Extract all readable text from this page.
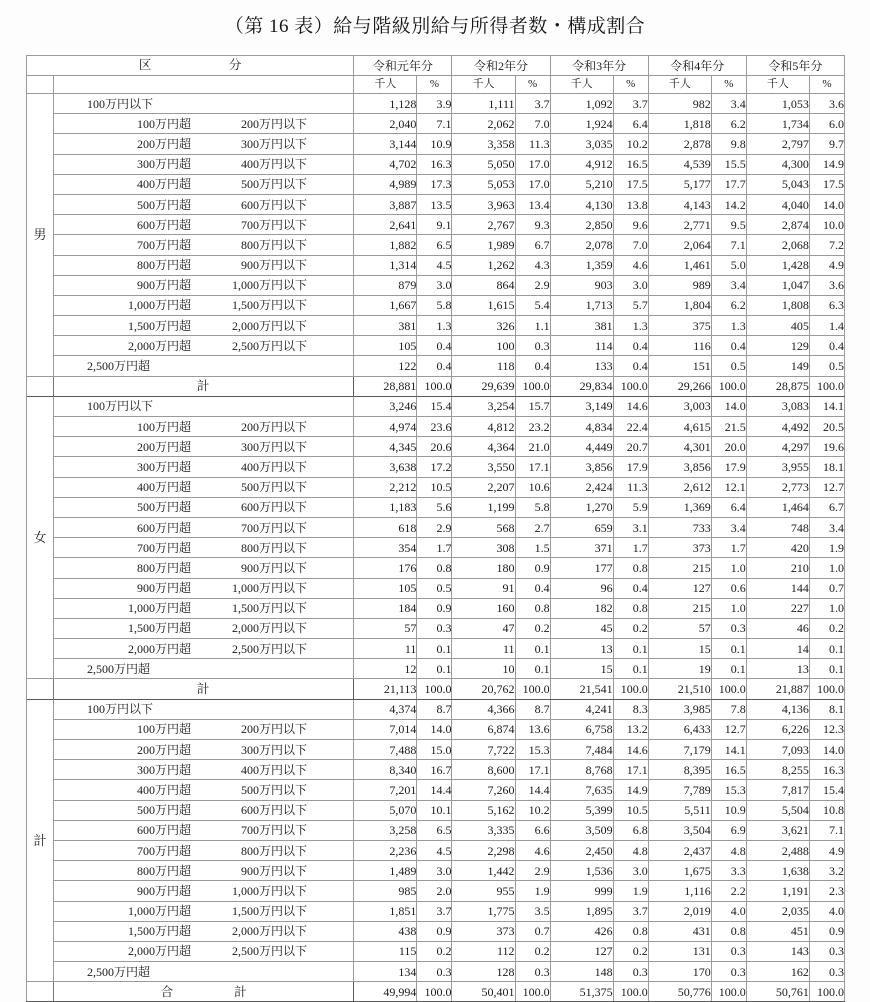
（第 16 表）給与階級別給与所得者数・構成割合
区　　　分		令和元年分		令和2年分		令和3年分		令和4年分		令和5年分	
		千人	%	千人	%	千人	%	千人	%	千人	%
男	100万円以下	1,128	3.9	1,111	3.7	1,092	3.7	982	3.4	1,053	3.6

	100万円超 200万円以下	2,040	7.1	2,062	7.0	1,924	6.4	1,818	6.2	1,734	6.0

	200万円超 300万円以下	3,144	10.9	3,358	11.3	3,035	10.2	2,878	9.8	2,797	9.7

	300万円超 400万円以下	4,702	16.3	5,050	17.0	4,912	16.5	4,539	15.5	4,300	14.9

	400万円超 500万円以下	4,989	17.3	5,053	17.0	5,210	17.5	5,177	17.7	5,043	17.5

	500万円超 600万円以下	3,887	13.5	3,963	13.4	4,130	13.8	4,143	14.2	4,040	14.0

	600万円超 700万円以下	2,641	9.1	2,767	9.3	2,850	9.6	2,771	9.5	2,874	10.0

	700万円超 800万円以下	1,882	6.5	1,989	6.7	2,078	7.0	2,064	7.1	2,068	7.2

	800万円超 900万円以下	1,314	4.5	1,262	4.3	1,359	4.6	1,461	5.0	1,428	4.9

	900万円超 1,000万円以下	879	3.0	864	2.9	903	3.0	989	3.4	1,047	3.6

	1,000万円超 1,500万円以下	1,667	5.8	1,615	5.4	1,713	5.7	1,804	6.2	1,808	6.3

	1,500万円超 2,000万円以下	381	1.3	326	1.1	381	1.3	375	1.3	405	1.4

	2,000万円超 2,500万円以下	105	0.4	100	0.3	114	0.4	116	0.4	129	0.4

	2,500万円超	122	0.4	118	0.4	133	0.4	151	0.5	149	0.5
	計	28,881	100.0	29,639	100.0	29,834	100.0	29,266	100.0	28,875	100.0
女	100万円以下	3,246	15.4	3,254	15.7	3,149	14.6	3,003	14.0	3,083	14.1

	100万円超 200万円以下	4,974	23.6	4,812	23.2	4,834	22.4	4,615	21.5	4,492	20.5

	200万円超 300万円以下	4,345	20.6	4,364	21.0	4,449	20.7	4,301	20.0	4,297	19.6

	300万円超 400万円以下	3,638	17.2	3,550	17.1	3,856	17.9	3,856	17.9	3,955	18.1

	400万円超 500万円以下	2,212	10.5	2,207	10.6	2,424	11.3	2,612	12.1	2,773	12.7

	500万円超 600万円以下	1,183	5.6	1,199	5.8	1,270	5.9	1,369	6.4	1,464	6.7

	600万円超 700万円以下	618	2.9	568	2.7	659	3.1	733	3.4	748	3.4

	700万円超 800万円以下	354	1.7	308	1.5	371	1.7	373	1.7	420	1.9

	800万円超 900万円以下	176	0.8	180	0.9	177	0.8	215	1.0	210	1.0

	900万円超 1,000万円以下	105	0.5	91	0.4	96	0.4	127	0.6	144	0.7

	1,000万円超 1,500万円以下	184	0.9	160	0.8	182	0.8	215	1.0	227	1.0

	1,500万円超 2,000万円以下	57	0.3	47	0.2	45	0.2	57	0.3	46	0.2

	2,000万円超 2,500万円以下	11	0.1	11	0.1	13	0.1	15	0.1	14	0.1

	2,500万円超	12	0.1	10	0.1	15	0.1	19	0.1	13	0.1
	計	21,113	100.0	20,762	100.0	21,541	100.0	21,510	100.0	21,887	100.0
計	100万円以下	4,374	8.7	4,366	8.7	4,241	8.3	3,985	7.8	4,136	8.1

	100万円超 200万円以下	7,014	14.0	6,874	13.6	6,758	13.2	6,433	12.7	6,226	12.3

	200万円超 300万円以下	7,488	15.0	7,722	15.3	7,484	14.6	7,179	14.1	7,093	14.0

	300万円超 400万円以下	8,340	16.7	8,600	17.1	8,768	17.1	8,395	16.5	8,255	16.3

	400万円超 500万円以下	7,201	14.4	7,260	14.4	7,635	14.9	7,789	15.3	7,817	15.4

	500万円超 600万円以下	5,070	10.1	5,162	10.2	5,399	10.5	5,511	10.9	5,504	10.8

	600万円超 700万円以下	3,258	6.5	3,335	6.6	3,509	6.8	3,504	6.9	3,621	7.1

	700万円超 800万円以下	2,236	4.5	2,298	4.6	2,450	4.8	2,437	4.8	2,488	4.9

	800万円超 900万円以下	1,489	3.0	1,442	2.9	1,536	3.0	1,675	3.3	1,638	3.2

	900万円超 1,000万円以下	985	2.0	955	1.9	999	1.9	1,116	2.2	1,191	2.3

	1,000万円超 1,500万円以下	1,851	3.7	1,775	3.5	1,895	3.7	2,019	4.0	2,035	4.0

	1,500万円超 2,000万円以下	438	0.9	373	0.7	426	0.8	431	0.8	451	0.9

	2,000万円超 2,500万円以下	115	0.2	112	0.2	127	0.2	131	0.3	143	0.3

	2,500万円超	134	0.3	128	0.3	148	0.3	170	0.3	162	0.3
	合　　計	49,994	100.0	50,401	100.0	51,375	100.0	50,776	100.0	50,761	100.0
